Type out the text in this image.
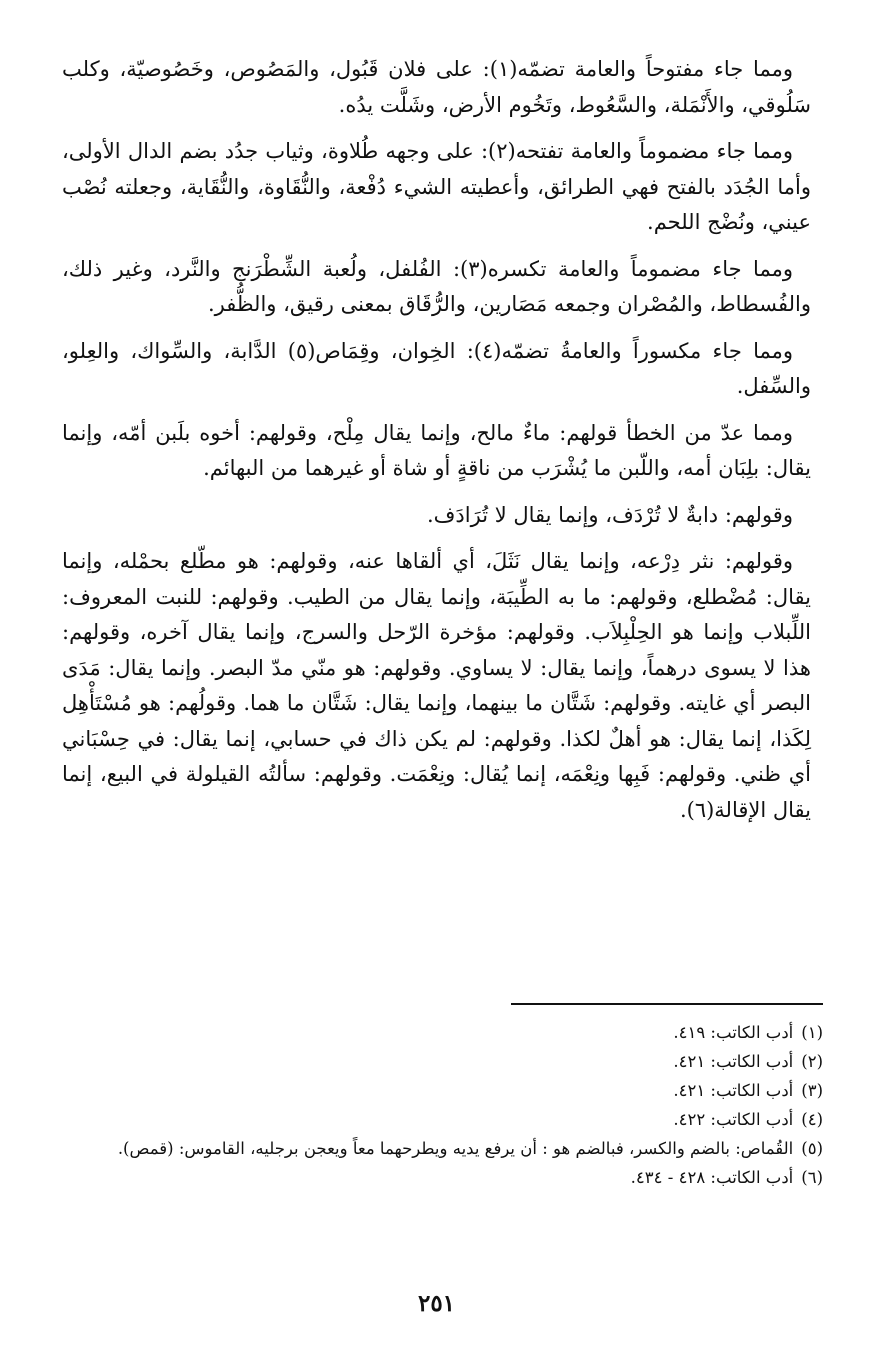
ومما جاء مفتوحاً والعامة تضمّه(١): على فلان قَبُول، والمَصُوص، وخَصُوصيّة، وكلب سَلُوقي، والأَنْمَلة، والسَّعُوط، وتَخُوم الأرض، وشَلَّت يدُه.

ومما جاء مضموماً والعامة تفتحه(٢): على وجهه طُلاوة، وثياب جدُد بضم الدال الأولى، وأما الجُدَد بالفتح فهي الطرائق، وأعطيته الشيء دُفْعة، والنُّقَاوة، والنُّقَاية، وجعلته نُصْب عيني، ونُضْج اللحم.

ومما جاء مضموماً والعامة تكسره(٣): الفُلفل، ولُعبة الشِّطْرَنج والنَّرد، وغير ذلك، والفُسطاط، والمُصْران وجمعه مَصَارين، والرُّقَاق بمعنى رقيق، والظُّفر.

ومما جاء مكسوراً والعامةُ تضمّه(٤): الخِوان، وقِمَاص(٥) الدَّابة، والسِّواك، والعِلو، والسِّفل.

ومما عدّ من الخطأ قولهم: ماءٌ مالح، وإنما يقال مِلْح، وقولهم: أخوه بلَبن أمّه، وإنما يقال: بلِبَان أمه، واللّبن ما يُشْرَب من ناقةٍ أو شاة أو غيرهما من البهائم.

وقولهم: دابةٌ لا تُرْدَف، وإنما يقال لا تُرَادَف.

وقولهم: نثر دِرْعه، وإنما يقال نَثَلَ، أي ألقاها عنه، وقولهم: هو مطّلع بحمْله، وإنما يقال: مُضْطلع، وقولهم: ما به الطِّيبَة، وإنما يقال من الطيب. وقولهم: للنبت المعروف: اللِّبلاب وإنما هو الحِلْبِلاَب. وقولهم: مؤخرة الرّحل والسرج، وإنما يقال آخره، وقولهم: هذا لا يسوى درهماً، وإنما يقال: لا يساوي. وقولهم: هو منّي مدّ البصر. وإنما يقال: مَدَى البصر أي غايته. وقولهم: شَتَّان ما بينهما، وإنما يقال: شَتَّان ما هما. وقولُهم: هو مُسْتَأْهِل لِكَذا، إنما يقال: هو أهلٌ لكذا. وقولهم: لم يكن ذاك في حسابي، إنما يقال: في حِسْبَاني أي ظني. وقولهم: فَبِها ونِعْمَه، إنما يُقال: ونِعْمَت. وقولهم: سألتُه القيلولة في البيع، إنما يقال الإقالة(٦).

(١)أدب الكاتب: ٤١٩.

(٢)أدب الكاتب: ٤٢١.

(٣)أدب الكاتب: ٤٢١.

(٤)أدب الكاتب: ٤٢٢.

(٥)القُماص: بالضم والكسر، فبالضم هو : أن يرفع يديه ويطرحهما معاً ويعجن برجليه، القاموس: (قمص).

(٦)أدب الكاتب: ٤٢٨ - ٤٣٤.

٢٥١
